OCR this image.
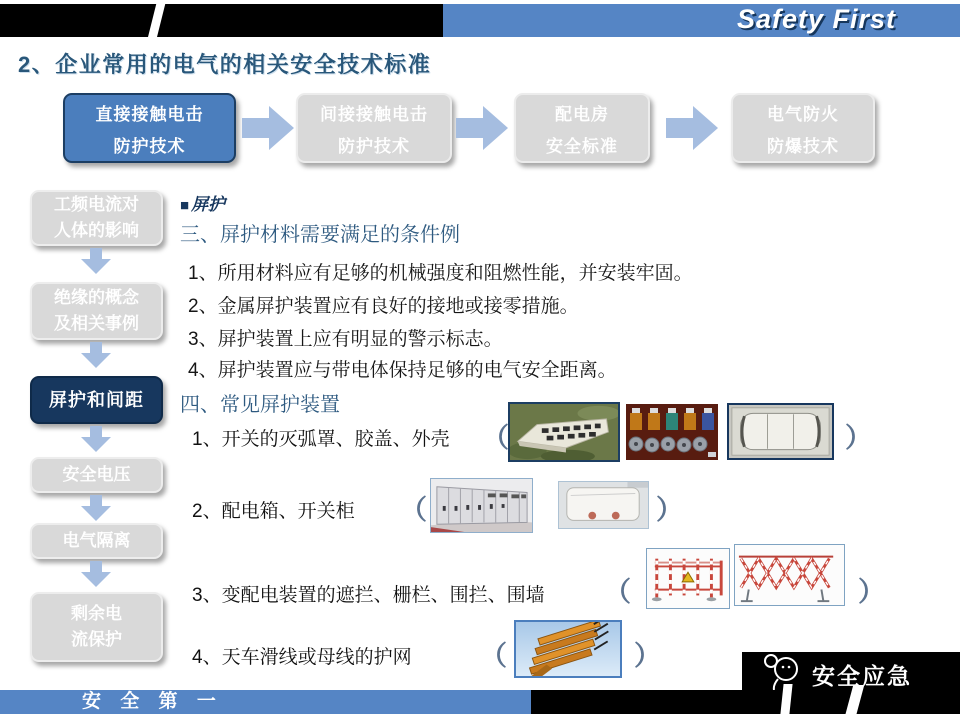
Safety First
2、企业常用的电气的相关安全技术标准
直接接触电击
防护技术
间接接触电击
防护技术
配电房
安全标准
电气防火
防爆技术
工频电流对
人体的影响
绝缘的概念
及相关事例
屏护和间距
安全电压
电气隔离
剩余电
流保护
■ 屏护
三、屏护材料需要满足的条件例
1、所用材料应有足够的机械强度和阻燃性能，并安装牢固。
2、金属屏护装置应有良好的接地或接零措施。
3、屏护装置上应有明显的警示标志。
4、屏护装置应与带电体保持足够的电气安全距离。
四、常见屏护装置
1、开关的灭弧罩、胶盖、外壳 （	）
2、配电箱、开关柜 （	）
3、变配电装置的遮拦、栅栏、围拦、围墙 （	）
4、天车滑线或母线的护网	（	）
安 全 第 一
安全应急
